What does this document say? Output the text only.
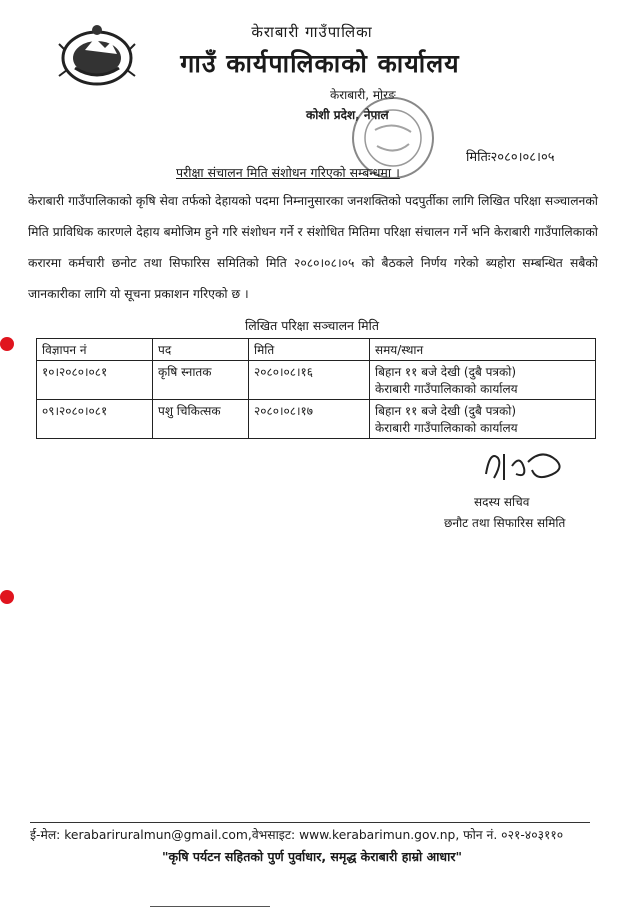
केराबारी गाउँपालिका
गाउँ कार्यपालिकाको कार्यालय
केराबारी, मोरङ
कोशी प्रदेश, नेपाल
मितिः२०८०।०८।०५
परीक्षा संचालन मिति संशोधन गरिएको सम्बन्धमा ।
केराबारी गाउँपालिकाको कृषि सेवा तर्फको देहायको पदमा निम्नानुसारका जनशक्तिको पदपुर्तीका लागि लिखित परिक्षा सञ्चालनको मिति प्राविधिक कारणले देहाय बमोजिम हुने गरि संशोधन गर्ने र संशोधित मितिमा परिक्षा संचालन गर्ने भनि केराबारी गाउँपालिकाको करारमा कर्मचारी छनोट तथा सिफारिस समितिको मिति २०८०।०८।०५ को बैठकले निर्णय गरेको ब्यहोरा सम्बन्धित सबैको जानकारीका लागि यो सूचना प्रकाशन गरिएको छ ।
लिखित परिक्षा सञ्चालन मिति
विज्ञापन नं	पद	मिति	समय/स्थान
१०।२०८०।०८१	कृषि स्नातक	२०८०।०८।१६	बिहान ११ बजे देखी (दुबै पत्रको)
केराबारी गाउँपालिकाको कार्यालय

०९।२०८०।०८१	पशु चिकित्सक	२०८०।०८।१७	बिहान ११ बजे देखी (दुबै पत्रको)
केराबारी गाउँपालिकाको कार्यालय
सदस्य सचिव
छनौट तथा सिफारिस समिति
ई-मेल: kerabariruralmun@gmail.com,वेभसाइट: www.kerabarimun.gov.np, फोन नं. ०२१-४०३११०
"कृषि पर्यटन सहितको पुर्ण पुर्वाधार, समृद्ध केराबारी हाम्रो आधार"
